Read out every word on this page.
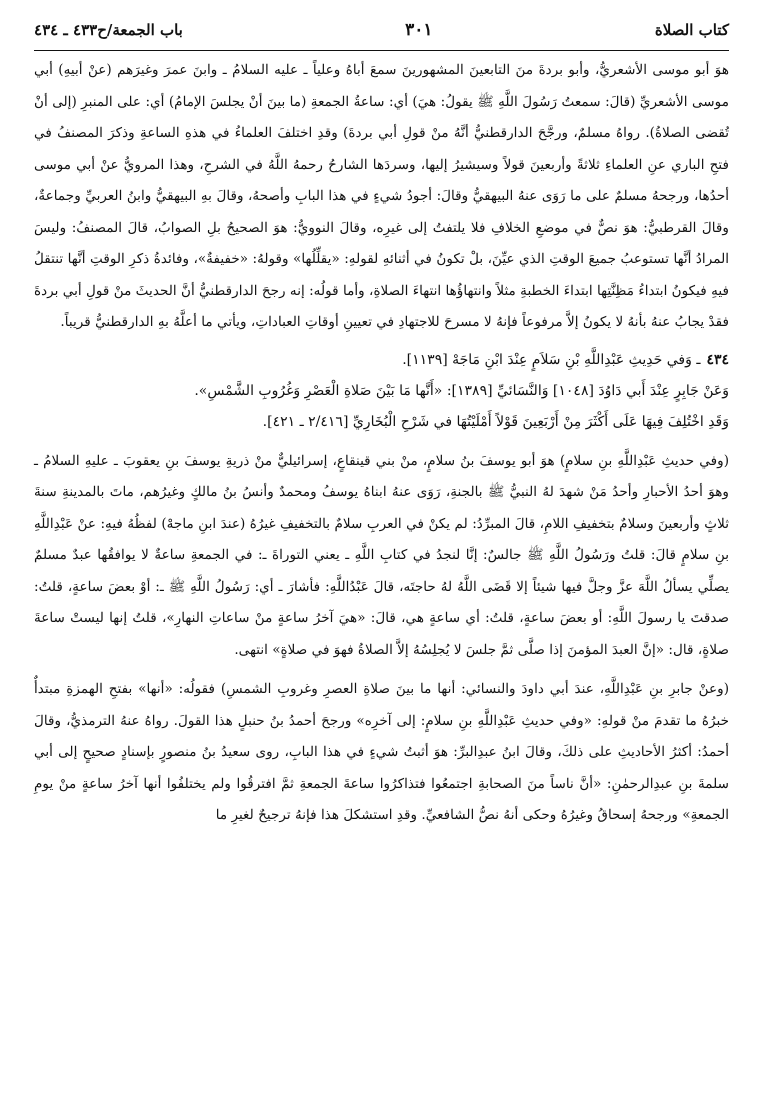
كتاب الصلاة
٣٠١
باب الجمعة/ح٤٣٣ ـ ٤٣٤

هوَ أبو موسى الأشعريُّ، وأبو بردةَ منَ التابعينَ المشهورينَ سمعَ أباهُ وعلياً ـ عليه السلامُ ـ وابنَ عمرَ وغيرَهم (عنْ أبيهِ) أبي موسى الأشعريِّ (قالَ: سمعتُ رَسُولَ اللَّهِ ﷺ يقولُ: هيَ) أي: ساعةُ الجمعةِ (ما بينَ أنْ يجلسَ الإمامُ) أي: على المنبرِ (إلى أنْ تُقضى الصلاةُ). رواهُ مسلمٌ، ورجَّحَ الدارقطنيُّ أنَّهُ منْ قولِ أبي بردةَ) وقدِ اختلفَ العلماءُ في هذهِ الساعةِ وذكرَ المصنفُ في فتحِ الباري عنِ العلماءِ ثلاثةً وأربعينَ قولاً وسيشيرُ إليها، وسردَها الشارحُ رحمهُ اللَّهُ في الشرحِ، وهذا المرويُّ عنْ أبي موسى أحدُها، ورجحهُ مسلمٌ على ما رَوَى عنهُ البيهقيُّ وقالَ: أجودُ شيءٍ في هذا البابِ وأصحهُ، وقالَ بهِ البيهقيُّ وابنُ العربيِّ وجماعةٌ، وقالَ القرطبيُّ: هوَ نصٌّ في موضعِ الخلافِ فلا يلتفتُ إلى غيرِه، وقالَ النوويُّ: هوَ الصحيحُ بلِ الصوابُ، قالَ المصنفُ: وليسَ المرادُ أنَّها تستوعبُ جميعَ الوقتِ الذي عيِّنَ، بلْ تكونُ في أثنائهِ لقولهِ: «يقلِّلُها» وقولهُ: «خفيفةٌ»، وفائدةُ ذكرِ الوقتِ أنَّها تنتقلُ فيهِ فيكونُ ابتداءُ مَظِنَّتِها ابتداءَ الخطبةِ مثلاً وانتهاؤُها انتهاءَ الصلاةِ، وأما قولُه: إنه رجحَ الدارقطنيُّ أنَّ الحديثَ منْ قولِ أبي بردةَ فقدْ يجابُ عنهُ بأنهُ لا يكونُ إلاَّ مرفوعاً فإنهُ لا مسرحَ للاجتهادِ في تعيينِ أوقاتِ العباداتِ، ويأتي ما أعلَّهُ بهِ الدارقطنيُّ قريباً.

٤٣٤ـ وَفي حَدِيثِ عَبْدِاللَّهِ بْنِ سَلاَمٍ عِنْدَ ابْنِ مَاجَهْ [١١٣٩].
وَعَنْ جَابِرٍ عِنْدَ أَبي دَاوُدَ [١٠٤٨] وَالنَّسَائيِّ [١٣٨٩]: «أَنَّها مَا بَيْنَ صَلاةِ الْعَصْرِ وَغُرُوبِ الشَّمْسِ».
وَقَدِ اخْتُلِفَ فِيهَا عَلَى أَكْثَرَ مِنْ أَرْبَعِينَ قَوْلاً أَمْلَيْتُهَا في شَرْحِ الْبُخَارِيِّ [٢/٤١٦ ـ ٤٢١].

(وفي حديثِ عَبْدِاللَّهِ بنِ سلامٍ) هوَ أبو يوسفَ بنُ سلامٍ، منْ بني قينقاعٍ، إسرائيليٌّ منْ ذريةِ يوسفَ بنِ يعقوبَ ـ عليهِ السلامُ ـ وهوَ أحدُ الأحبارِ وأحدُ مَنْ شهدَ لهُ النبيُّ ﷺ بالجنةِ، رَوَى عنهُ ابناهُ يوسفُ ومحمدٌ وأنسُ بنُ مالكٍ وغيرُهم، ماتَ بالمدينةِ سنةَ ثلاثٍ وأربعينَ وسلامٌ بتخفيفِ اللامِ، قالَ المبرِّدُ: لم يكنْ في العربِ سلامٌ بالتخفيفِ غيرُهُ (عندَ ابنِ ماجهْ) لفظُهُ فيهِ: عنْ عَبْدِاللَّهِ بنِ سلامٍ قالَ: قلتُ ورَسُولُ اللَّهِ ﷺ جالسٌ: إنَّا لنجدُ في كتابِ اللَّهِ ـ يعني التوراةَ ـ: في الجمعةِ ساعةٌ لا يوافقُها عبدٌ مسلمٌ يصلِّي يسألُ اللَّهَ عزَّ وجلَّ فيها شيئاً إلا قَضَى اللَّهُ لهُ حاجتَه، قالَ عَبْدُاللَّهِ: فأشارَ ـ أي: رَسُولُ اللَّهِ ﷺ ـ: أوْ بعضَ ساعةٍ، قلتُ: صدقتَ يا رسولَ اللَّهِ: أو بعضَ ساعةٍ، قلتُ: أي ساعةٍ هي، قالَ: «هيَ آخرُ ساعةٍ منْ ساعاتِ النهارِ»، قلتُ إنها ليستْ ساعةَ صلاةٍ، قال: «إنَّ العبدَ المؤمنَ إذا صلَّى ثمَّ جلسَ لا يُجلِسُهُ إلاَّ الصلاةُ فهوَ في صلاةٍ» انتهى.

(وعنْ جابرِ بنِ عَبْدِاللَّهِ، عندَ أبي داودَ والنسائي: أنها ما بينَ صلاةِ العصرِ وغروبِ الشمسِ) فقولُه: «أنها» بفتحِ الهمزةِ مبتدأٌ خبرُهُ ما تقدمَ منْ قولهِ: «وفي حديثِ عَبْدِاللَّهِ بنِ سلامٍ: إلى آخرِه» ورجحَ أحمدُ بنُ حنبلٍ هذا القولَ. رواهُ عنهُ الترمذيُّ، وقالَ أحمدُ: أكثرُ الأحاديثِ على ذلكَ، وقالَ ابنُ عبدِالبرِّ: هوَ أثبتُ شيءٍ في هذا البابِ، روى سعيدُ بنُ منصورٍ بإسنادٍ صحيحٍ إلى أبي سلمةَ بنِ عبدِالرحمٰنِ: «أنَّ ناساً منَ الصحابةِ اجتمعُوا فتذاكرُوا ساعةَ الجمعةِ ثمَّ افترقُوا ولم يختلفُوا أنها آخرُ ساعةٍ منْ يومِ الجمعةِ» ورجحهُ إسحاقُ وغيرُهُ وحكى أنهُ نصُّ الشافعيِّ. وقدِ استشكلَ هذا فإنهُ ترجيحٌ لغيرِ ما
